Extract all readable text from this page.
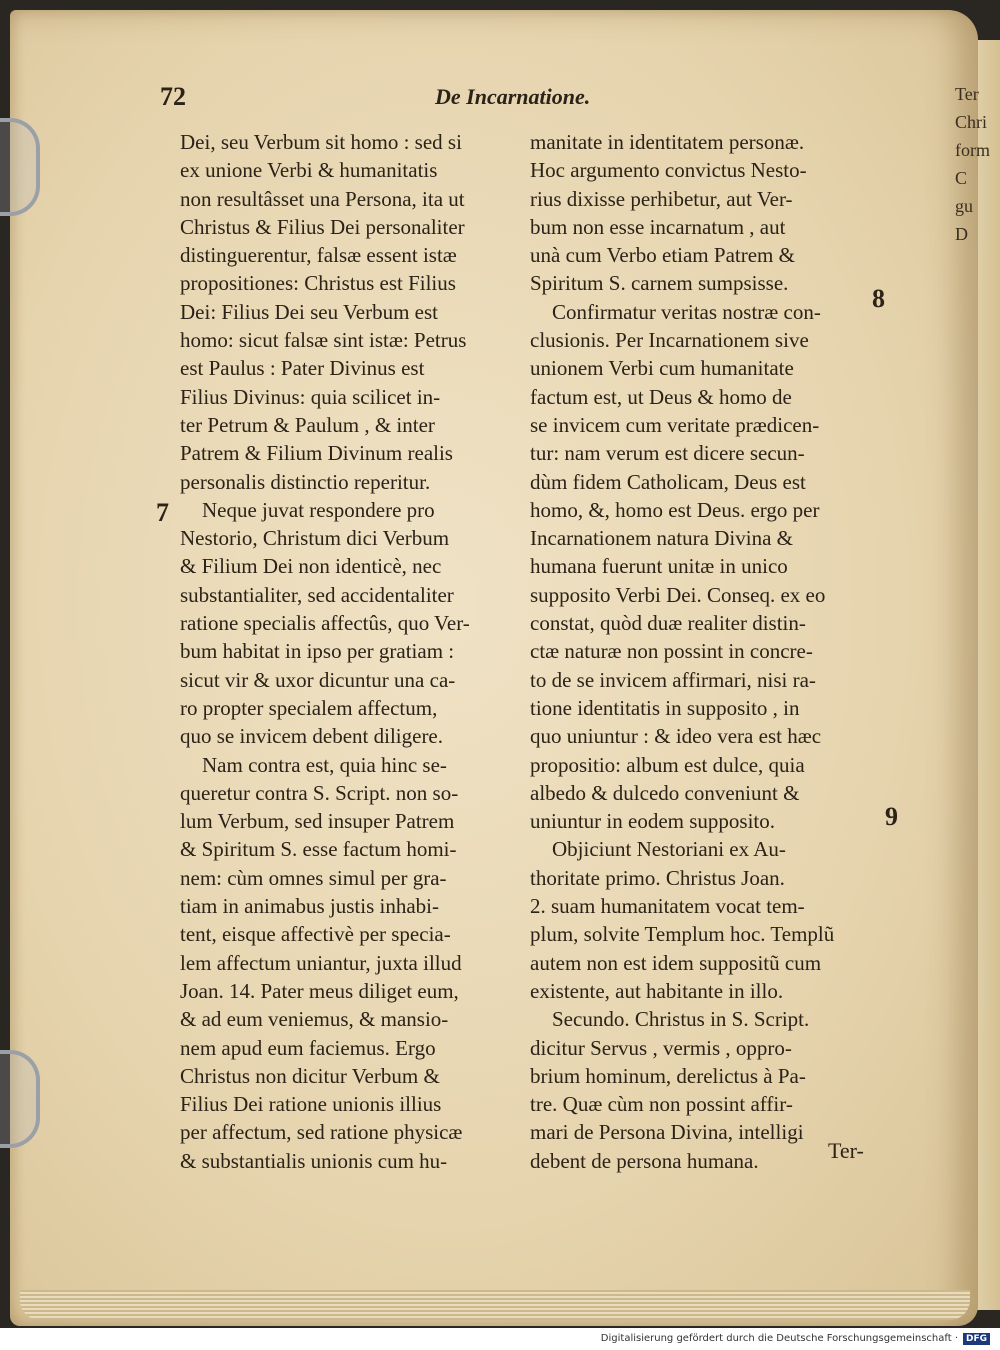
Ter
Chri
form
C
gu
D
72	De Incarnatione.
Dei, seu Verbum sit homo : sed si
ex unione Verbi & humanitatis
non resultâsset una Persona, ita ut
Christus & Filius Dei personaliter
distinguerentur, falsæ essent istæ
propositiones: Christus est Filius
Dei: Filius Dei seu Verbum est
homo: sicut falsæ sint istæ: Petrus
est Paulus : Pater Divinus est
Filius Divinus: quia scilicet in-
ter Petrum & Paulum , & inter
Patrem & Filium Divinum realis
personalis distinctio reperitur.
Neque juvat respondere pro
Nestorio, Christum dici Verbum
& Filium Dei non identicè, nec
substantialiter, sed accidentaliter
ratione specialis affectûs, quo Ver-
bum habitat in ipso per gratiam :
sicut vir & uxor dicuntur una ca-
ro propter specialem affectum,
quo se invicem debent diligere.
Nam contra est, quia hinc se-
queretur contra S. Script. non so-
lum Verbum, sed insuper Patrem
& Spiritum S. esse factum homi-
nem: cùm omnes simul per gra-
tiam in animabus justis inhabi-
tent, eisque affectivè per specia-
lem affectum uniantur, juxta illud
Joan. 14. Pater meus diliget eum,
& ad eum veniemus, & mansio-
nem apud eum faciemus. Ergo
Christus non dicitur Verbum &
Filius Dei ratione unionis illius
per affectum, sed ratione physicæ
& substantialis unionis cum hu-
manitate in identitatem personæ.
Hoc argumento convictus Nesto-
rius dixisse perhibetur, aut Ver-
bum non esse incarnatum , aut
unà cum Verbo etiam Patrem &
Spiritum S. carnem sumpsisse.
Confirmatur veritas nostræ con-
clusionis. Per Incarnationem sive
unionem Verbi cum humanitate
factum est, ut Deus & homo de
se invicem cum veritate prædicen-
tur: nam verum est dicere secun-
dùm fidem Catholicam, Deus est
homo, &, homo est Deus. ergo per
Incarnationem natura Divina &
humana fuerunt unitæ in unico
supposito Verbi Dei. Conseq. ex eo
constat, quòd duæ realiter distin-
ctæ naturæ non possint in concre-
to de se invicem affirmari, nisi ra-
tione identitatis in supposito , in
quo uniuntur : & ideo vera est hæc
propositio: album est dulce, quia
albedo & dulcedo conveniunt &
uniuntur in eodem supposito.
Objiciunt Nestoriani ex Au-
thoritate primo. Christus Joan.
2. suam humanitatem vocat tem-
plum, solvite Templum hoc. Templũ
autem non est idem suppositũ cum
existente, aut habitante in illo.
Secundo. Christus in S. Script.
dicitur Servus , vermis , oppro-
brium hominum, derelictus à Pa-
tre. Quæ cùm non possint affir-
mari de Persona Divina, intelligi
debent de persona humana.
7
8
9
Ter-
Digitalisierung gefördert durch die Deutsche Forschungsgemeinschaft · DFG
